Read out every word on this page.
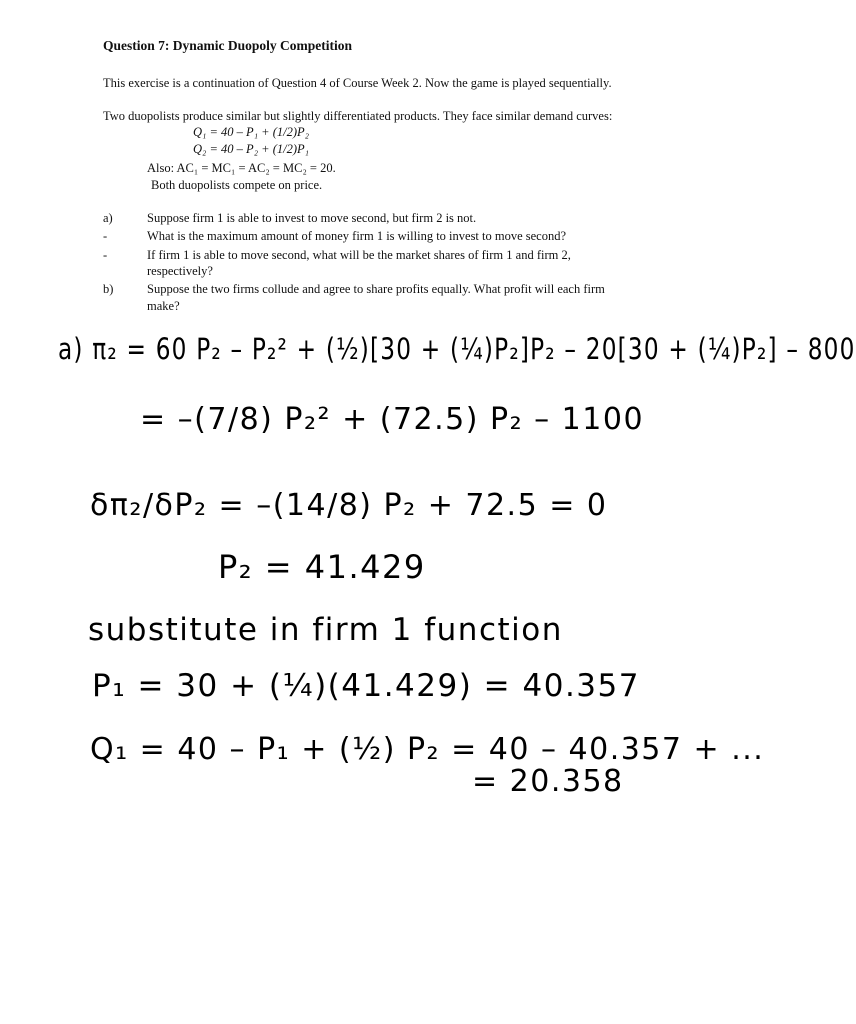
Question 7: Dynamic Duopoly Competition
This exercise is a continuation of Question 4 of Course Week 2. Now the game is played sequentially.
Two duopolists produce similar but slightly differentiated products. They face similar demand curves:
Q₁ = 40 – P₁ + (1/2)P₂
Q₂ = 40 – P₂ + (1/2)P₁
Also: AC₁ = MC₁ = AC₂ = MC₂ = 20.
Both duopolists compete on price.
a)	Suppose firm 1 is able to invest to move second, but firm 2 is not.
-	What is the maximum amount of money firm 1 is willing to invest to move second?
-	If firm 1 is able to move second, what will be the market shares of firm 1 and firm 2,
respectively?
b)	Suppose the two firms collude and agree to share profits equally. What profit will each firm
make?
a) π₂ = 60 P₂ – P₂² + (½)[30 + (¼)P₂]P₂ – 20[30 + (¼)P₂] – 800
= –(7/8) P₂² + (72.5) P₂ – 1100
δπ₂/δP₂ = –(14/8) P₂ + 72.5 = 0
P₂ = 41.429
substitute in firm 1 function
P₁ = 30 + (¼)(41.429) = 40.357
Q₁ = 40 – P₁ + (½) P₂ = 40 – 40.357 + ...
= 20.358
